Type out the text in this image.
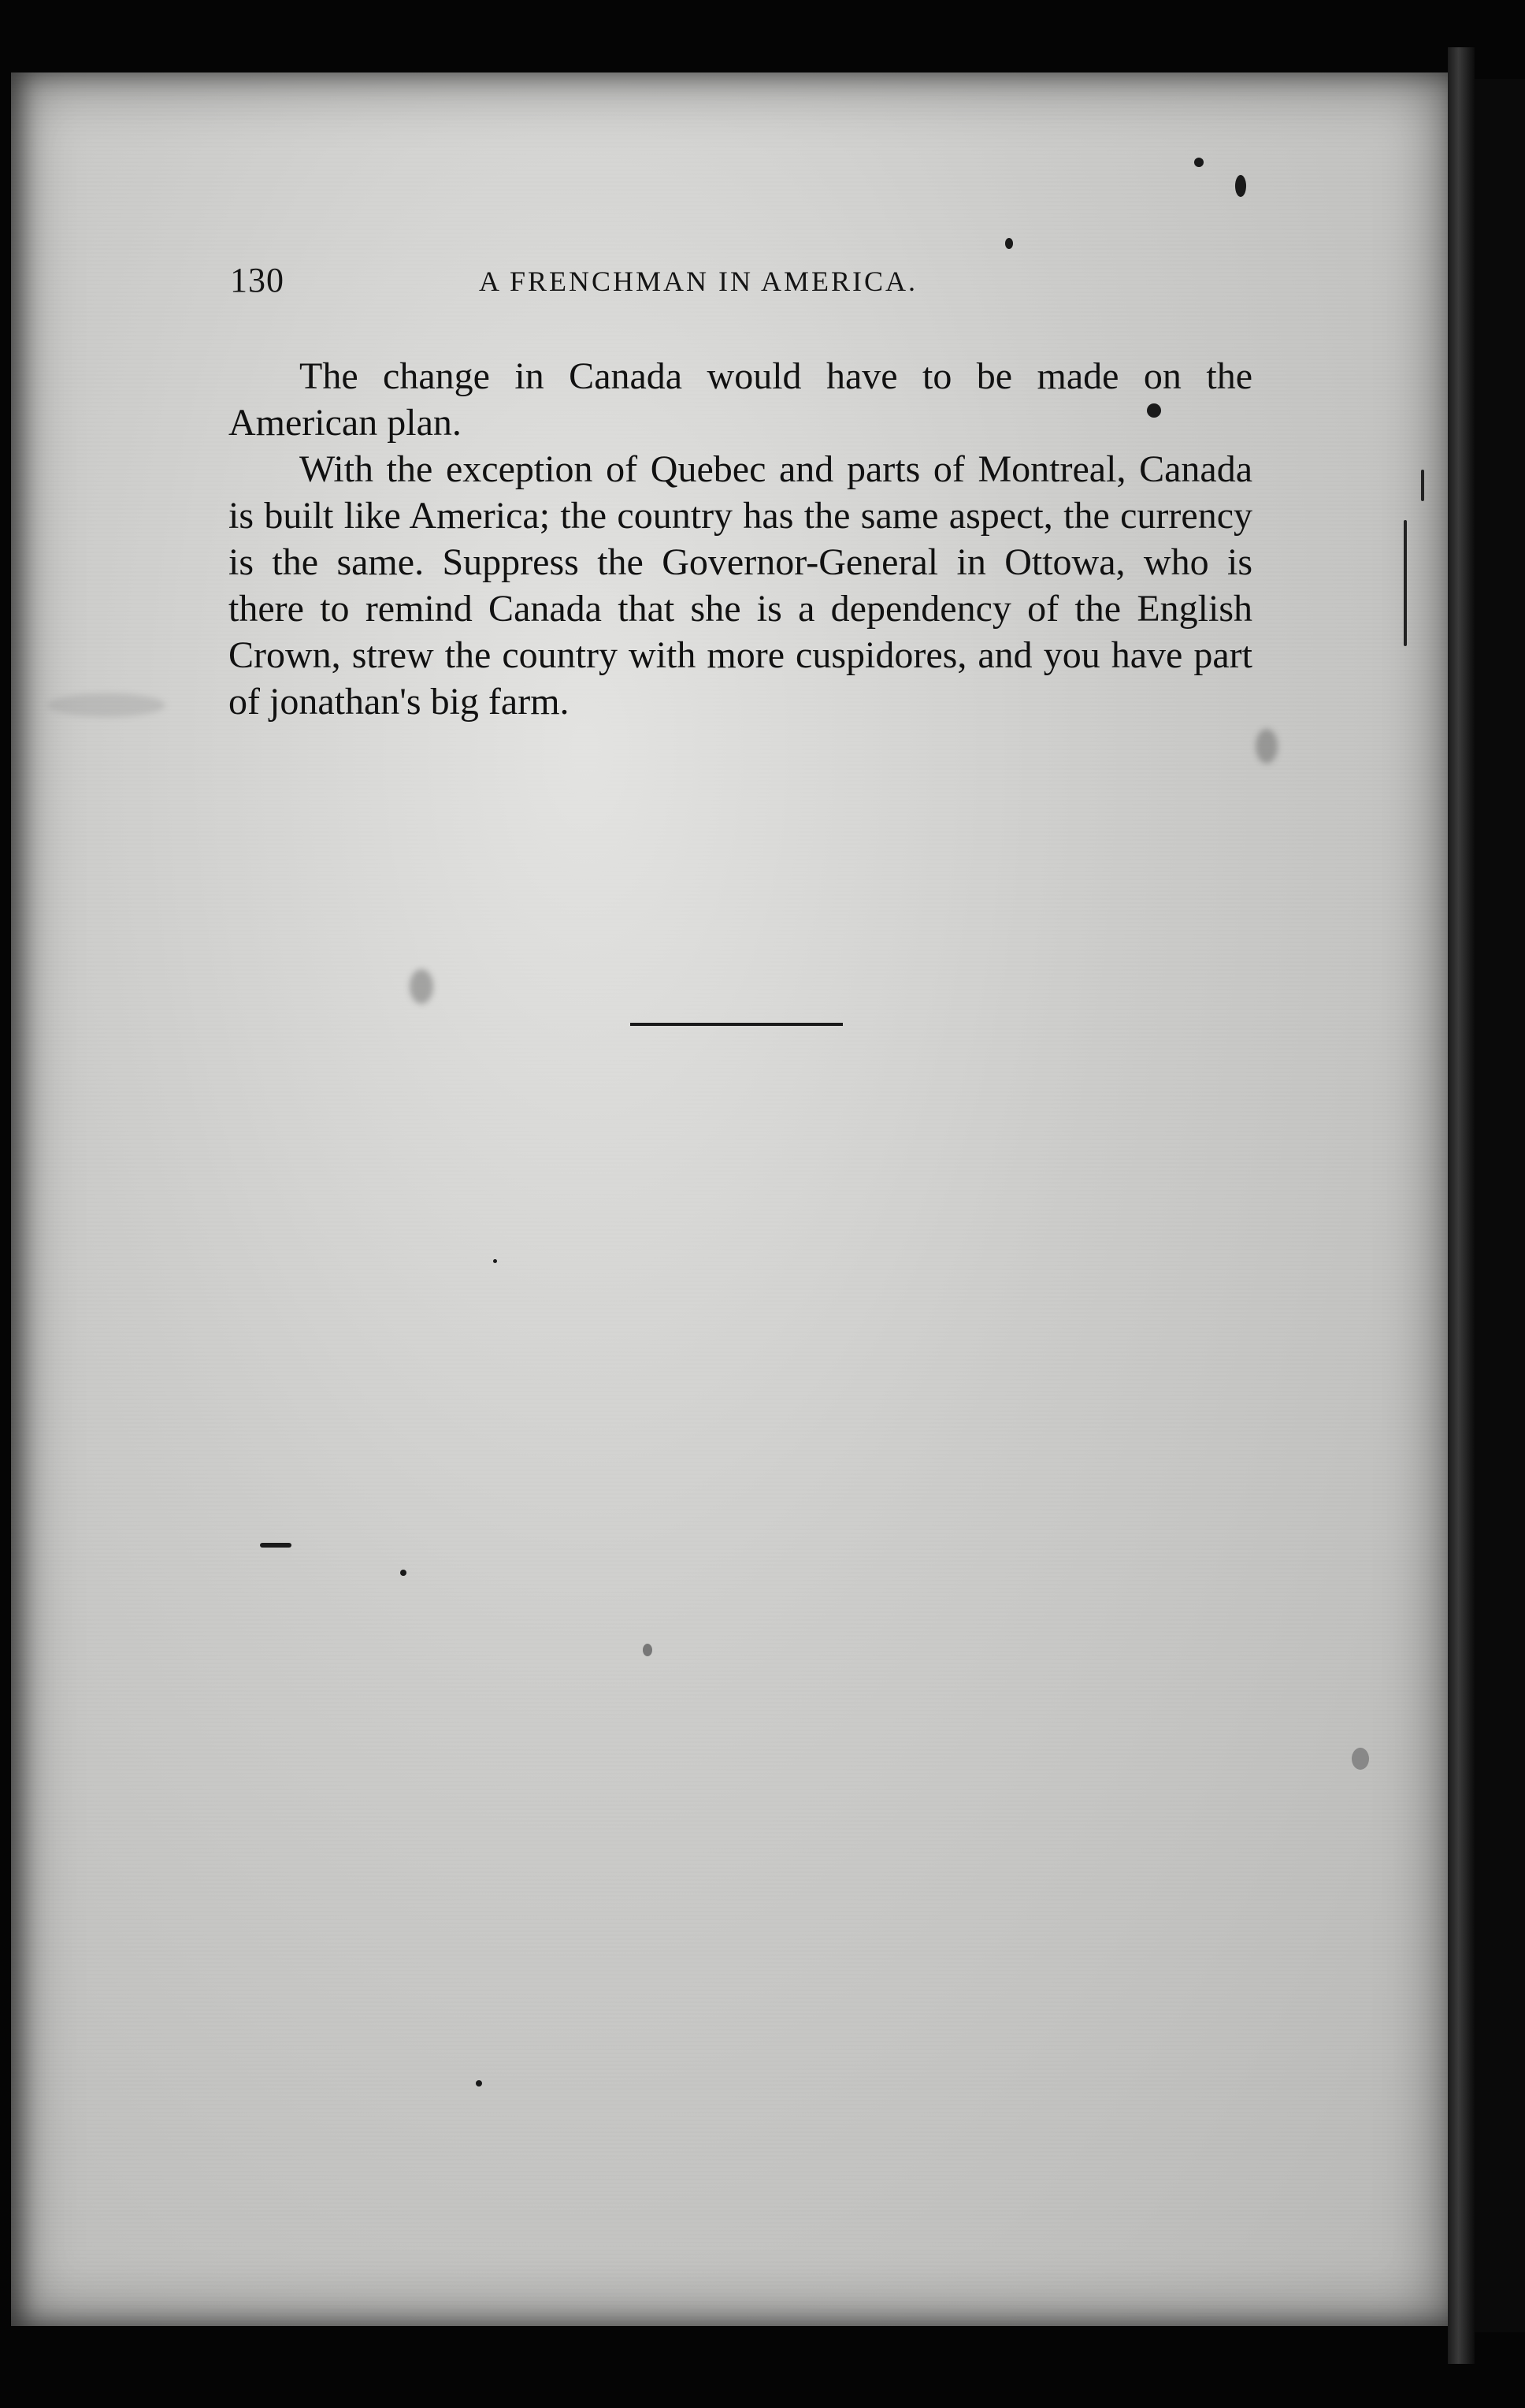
130	A FRENCHMAN IN AMERICA.

The change in Canada would have to be made on the American plan.

With the exception of Quebec and parts of Montreal, Canada is built like America; the country has the same aspect, the currency is the same. Suppress the Governor-General in Ottowa, who is there to remind Canada that she is a dependency of the English Crown, strew the country with more cuspidores, and you have part of jonathan's big farm.
